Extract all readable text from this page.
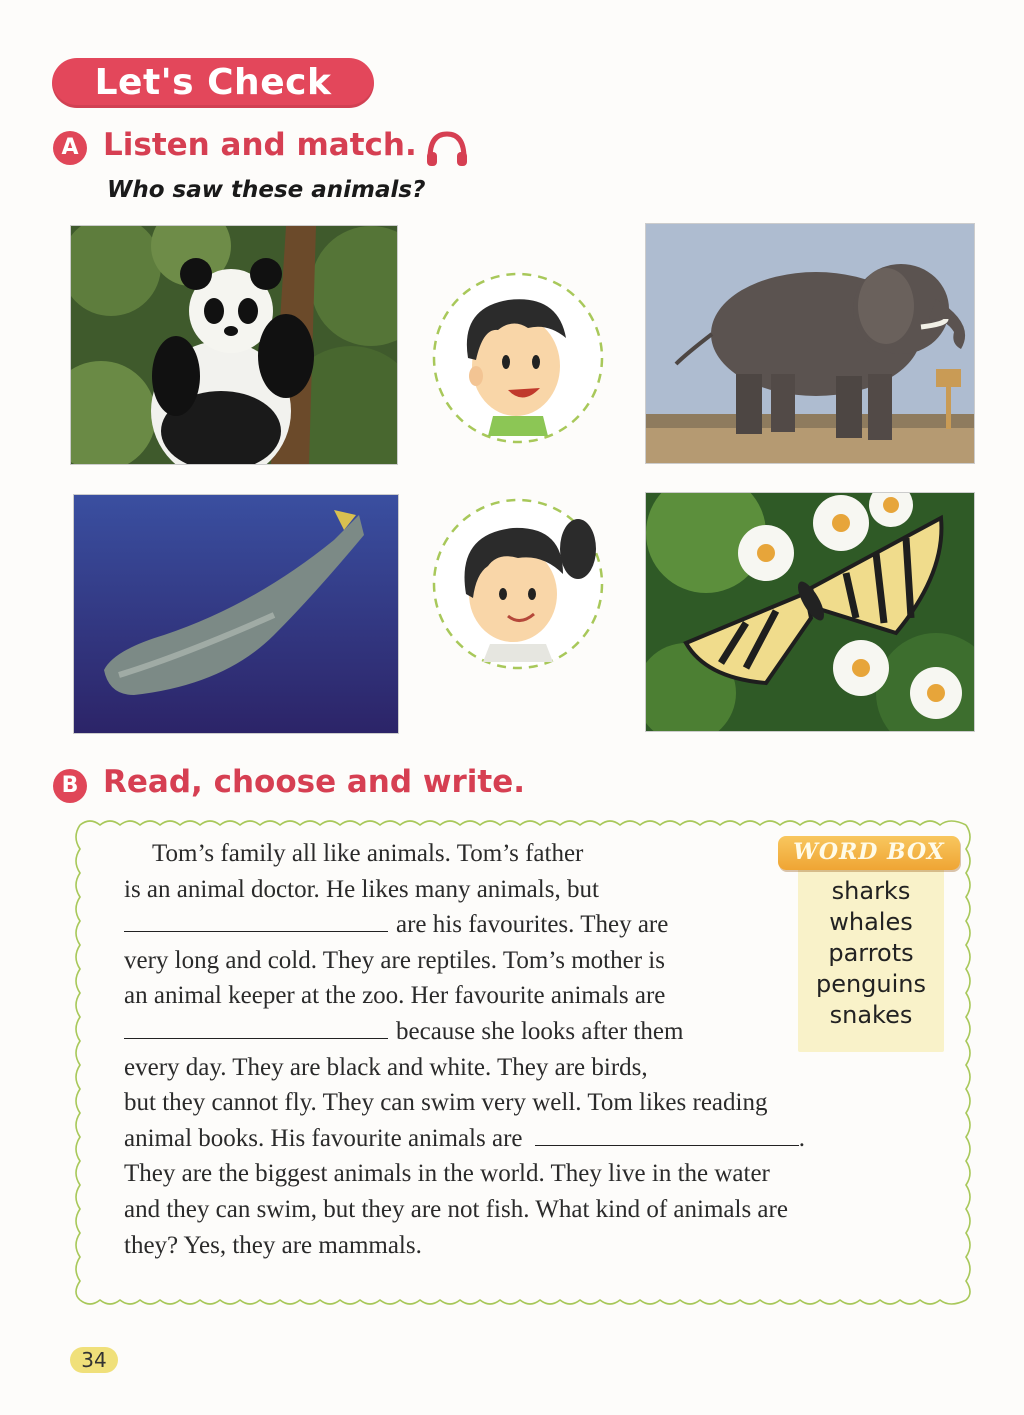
Let's Check
A Listen and match.
Who saw these animals?
B Read, choose and write.
WORD BOX
sharks
whales
parrots
penguins
snakes
Tom’s family all like animals. Tom’s father
is an animal doctor. He likes many animals, but
are his favourites. They are
very long and cold. They are reptiles. Tom’s mother is
an animal keeper at the zoo. Her favourite animals are
because she looks after them
every day. They are black and white. They are birds,
but they cannot fly. They can swim very well. Tom likes reading
animal books. His favourite animals are	.
They are the biggest animals in the world. They live in the water
and they can swim, but they are not fish. What kind of animals are
they? Yes, they are mammals.
34
